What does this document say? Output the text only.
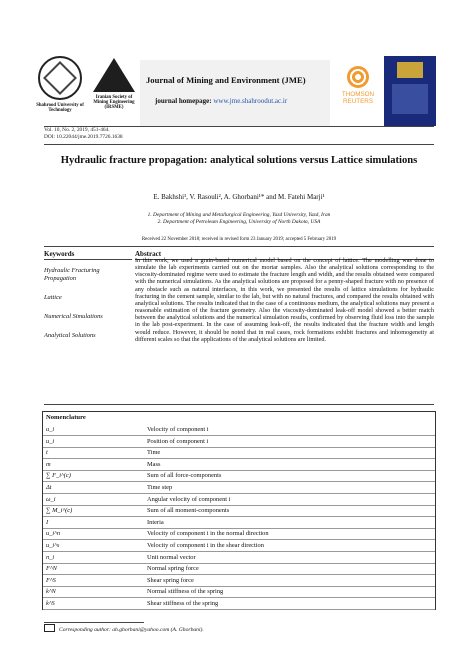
Shahrood University of Technology
Iranian Society of Mining Engineering (IRSME)
Journal of Mining and Environment (JME)
journal homepage: www.jme.shahroodut.ac.ir
THOMSON REUTERS
Vol. 10, No. 2, 2019, 451-464.
DOI: 10.22044/jme.2019.7726.1638
Hydraulic fracture propagation: analytical solutions versus Lattice simulations
E. Bakhshi¹, V. Rasouli², A. Ghorbani¹* and M. Fatehi Marji¹
1. Department of Mining and Metallurgical Engineering, Yazd University, Yazd, Iran
2. Department of Petroleum Engineering, University of North Dakota, USA
Received 22 November 2018; received in revised form 23 January 2019; accepted 5 February 2019
Keywords	Abstract
Hydraulic Fracturing Propagation
Lattice
Numerical Simulations
Analytical Solutions
In this work, we used a grain-based numerical model based on the concept of lattice. The modelling was done to simulate the lab experiments carried out on the mortar samples. Also the analytical solutions corresponding to the viscosity-dominated regime were used to estimate the fracture length and width, and the results obtained were compared with the numerical simulations. As the analytical solutions are proposed for a penny-shaped fracture with no presence of any obstacle such as natural interfaces, in this work, we presented the results of lattice simulations for hydraulic fracturing in the cement sample, similar to the lab, but with no natural fractures, and compared the results obtained with analytical solutions. The results indicated that in the case of a continuous medium, the analytical solutions may present a reasonable estimation of the fracture geometry. Also the viscosity-dominated leak-off model showed a better match between the analytical solutions and the numerical simulation results, confirmed by observing fluid loss into the sample in the lab post-experiment. In the case of assuming leak-off, the results indicated that the fracture width and length would reduce. However, it should be noted that in real cases, rock formations exhibit fractures and inhomogeneity at different scales so that the applications of the analytical solutions are limited.
Nomenclature
u_i	Velocity of component i
u_i	Position of component i
t	Time
m	Mass
∑ F_i^(c)	Sum of all force-components
Δt	Time step
ω_i	Angular velocity of component i
∑ M_i^(c)	Sum of all moment-components
I	Interia
u_i^n	Velocity of component i in the normal direction
u_i^s	Velocity of component i in the shear direction
n_i	Unit normal vector
F^N	Normal spring force
F^S	Shear spring force
k^N	Normal stiffness of the spring
k^S	Shear stiffness of the spring
Corresponding author: ah.ghorbani@yahoo.com (A. Ghorbani).
